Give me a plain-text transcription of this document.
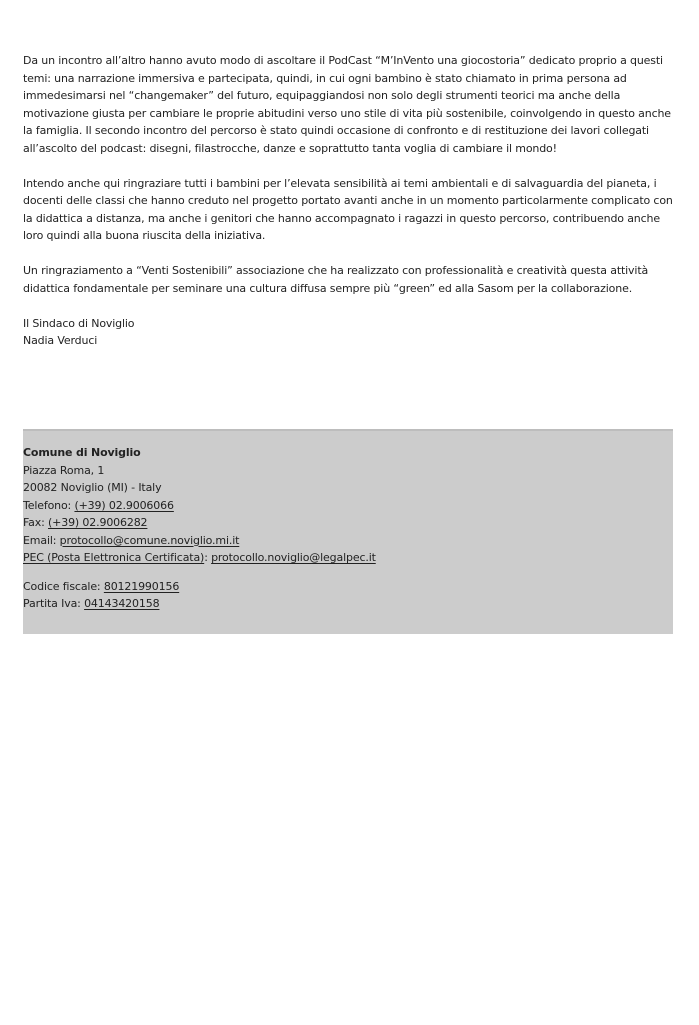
Da un incontro all’altro hanno avuto modo di ascoltare il PodCast “M’InVento una giocostoria” dedicato proprio a questi temi: una narrazione immersiva e partecipata, quindi, in cui ogni bambino è stato chiamato in prima persona ad immedesimarsi nel “changemaker” del futuro, equipaggiandosi non solo degli strumenti teorici ma anche della motivazione giusta per cambiare le proprie abitudini verso uno stile di vita più sostenibile, coinvolgendo in questo anche la famiglia. Il secondo incontro del percorso è stato quindi occasione di confronto e di restituzione dei lavori collegati all’ascolto del podcast: disegni, filastrocche, danze e soprattutto tanta voglia di cambiare il mondo!

Intendo anche qui ringraziare tutti i bambini per l’elevata sensibilità ai temi ambientali e di salvaguardia del pianeta, i docenti delle classi che hanno creduto nel progetto portato avanti anche in un momento particolarmente complicato con la didattica a distanza, ma anche i genitori che hanno accompagnato i ragazzi in questo percorso, contribuendo anche loro quindi alla buona riuscita della iniziativa.

Un ringraziamento a “Venti Sostenibili” associazione che ha realizzato con professionalità e creatività questa attività didattica fondamentale per seminare una cultura diffusa sempre più “green” ed alla Sasom per la collaborazione.

Il Sindaco di Noviglio
Nadia Verduci
Comune di Noviglio
Piazza Roma, 1
20082 Noviglio (MI) - Italy
Telefono: (+39) 02.9006066
Fax: (+39) 02.9006282
Email: protocollo@comune.noviglio.mi.it
PEC (Posta Elettronica Certificata): protocollo.noviglio@legalpec.it
Codice fiscale: 80121990156
Partita Iva: 04143420158
